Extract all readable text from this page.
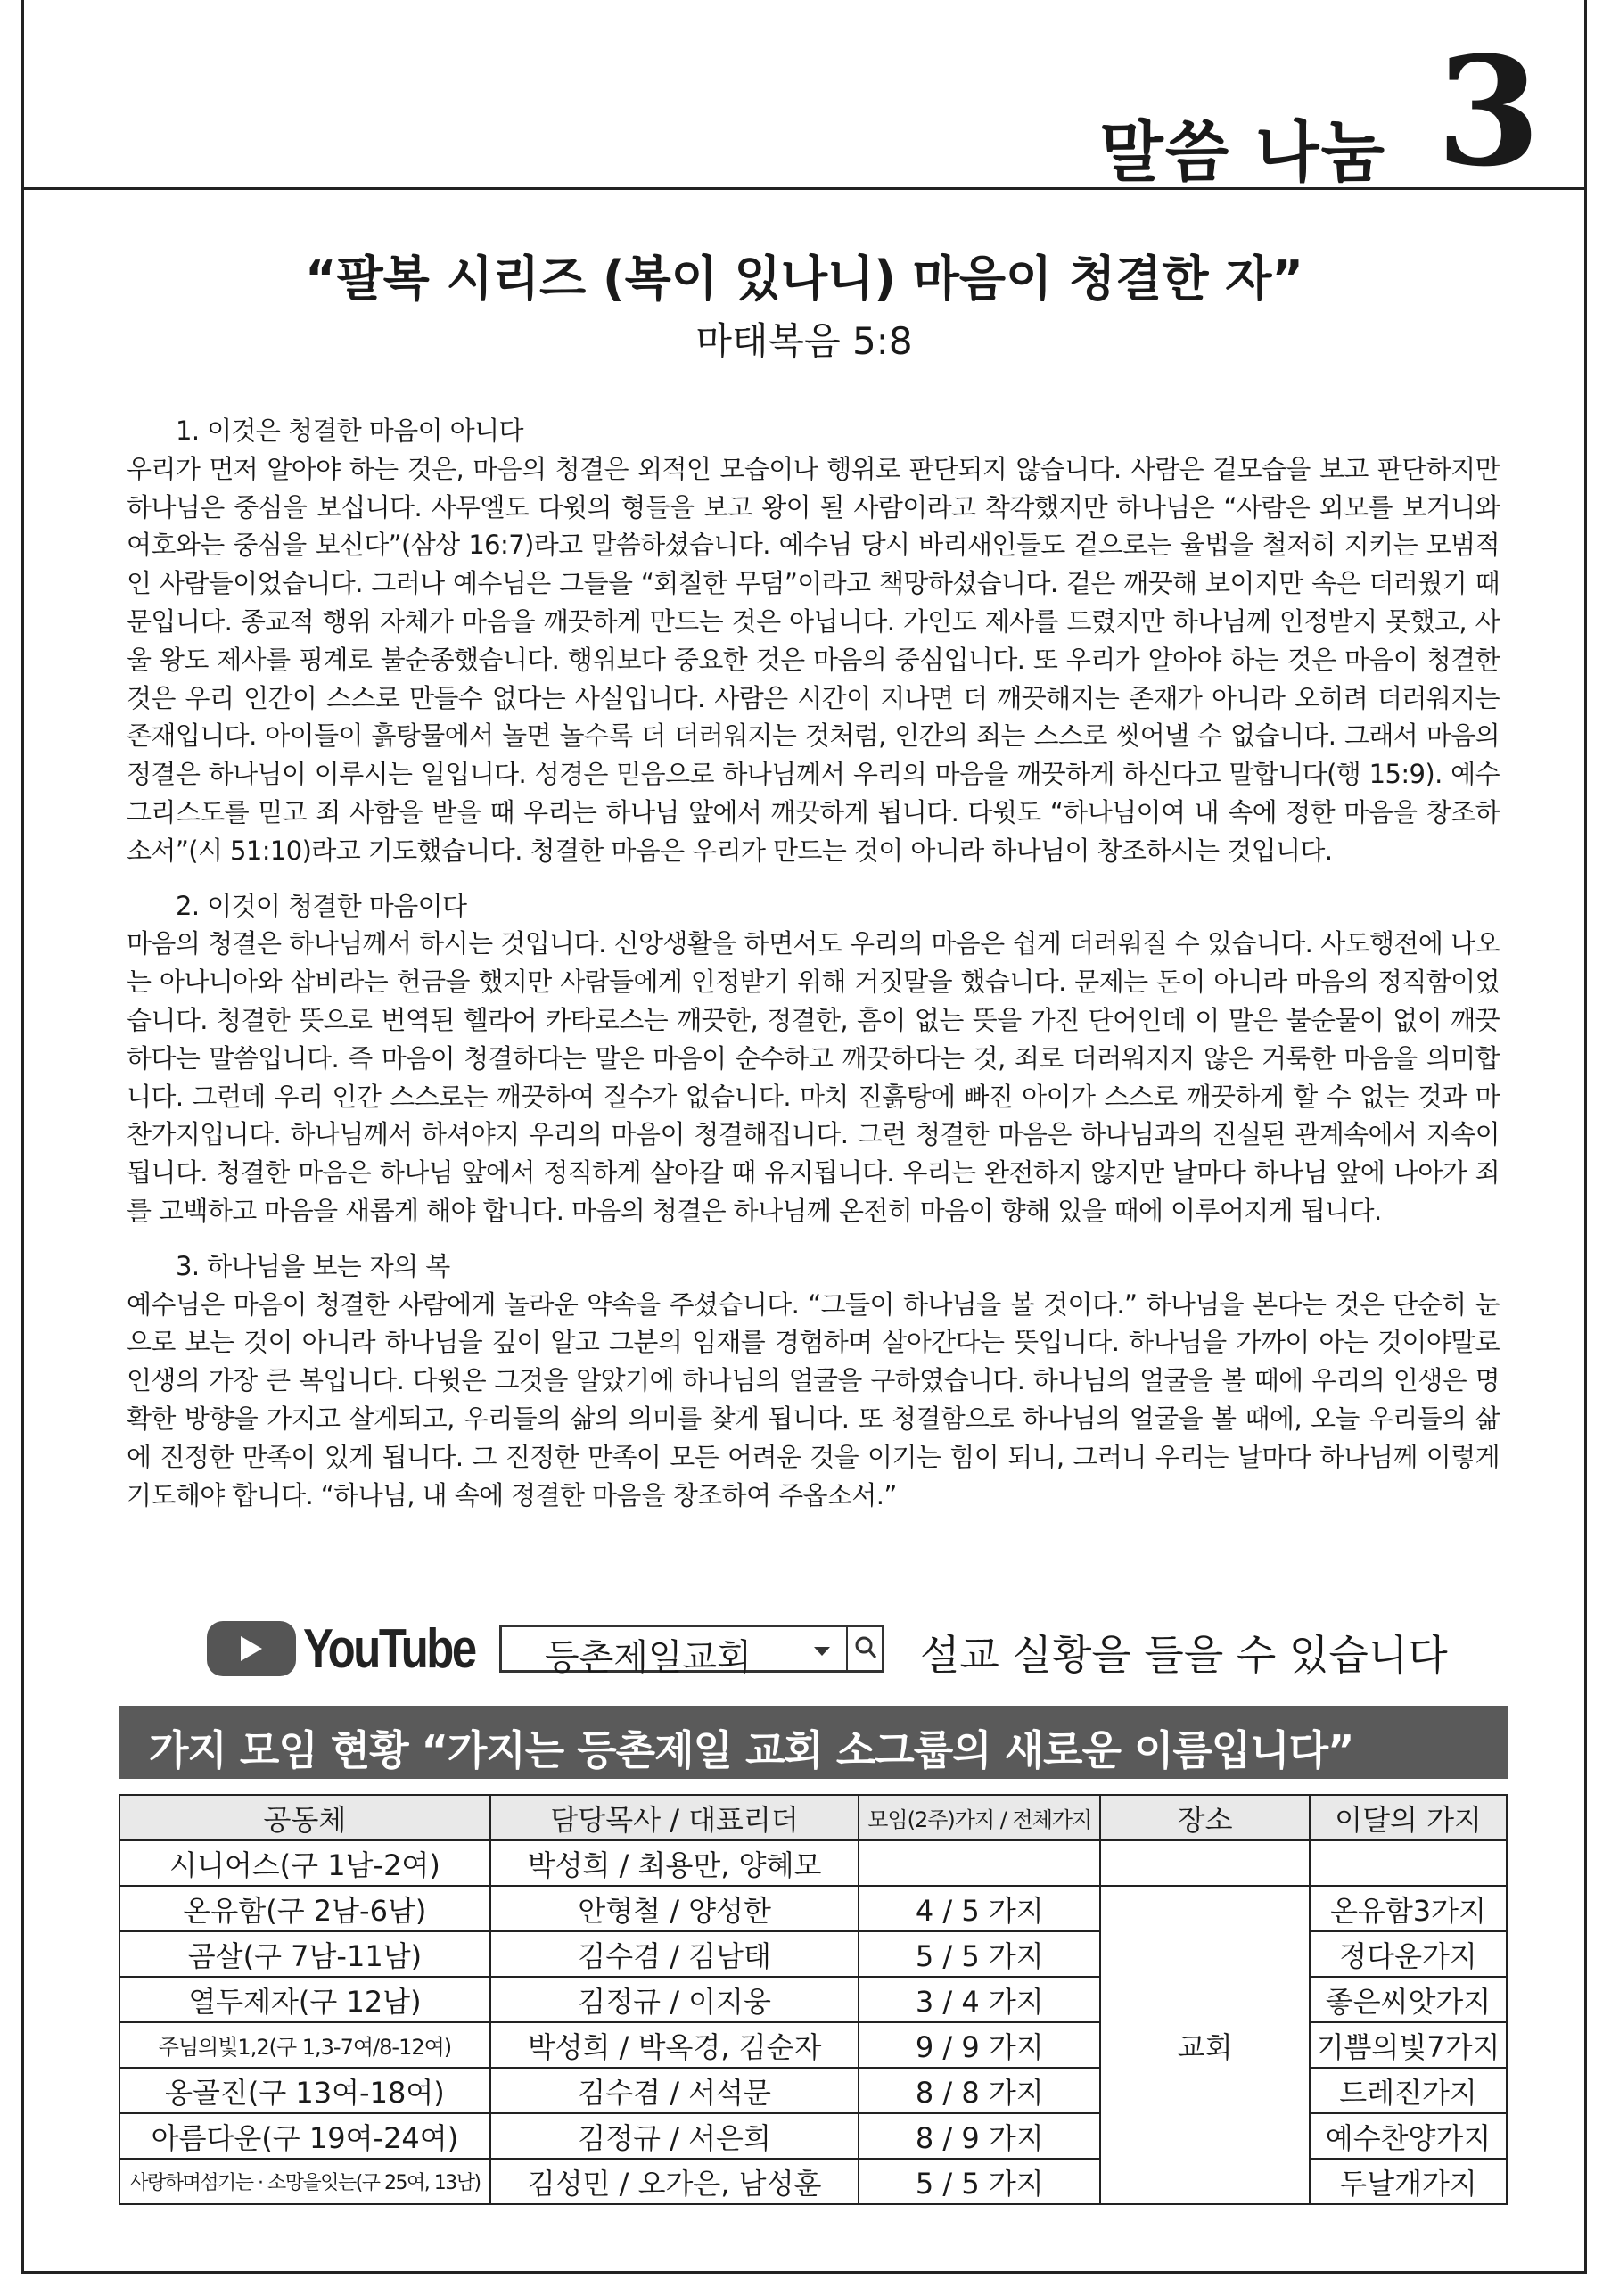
말씀 나눔 3
“팔복 시리즈 (복이 있나니) 마음이 청결한 자”
마태복음 5:8
1. 이것은 청결한 마음이 아니다

우리가 먼저 알아야 하는 것은, 마음의 청결은 외적인 모습이나 행위로 판단되지 않습니다. 사람은 겉모습을 보고 판단하지만 하나님은 중심을 보십니다. 사무엘도 다윗의 형들을 보고 왕이 될 사람이라고 착각했지만 하나님은 “사람은 외모를 보거니와 여호와는 중심을 보신다”(삼상 16:7)라고 말씀하셨습니다. 예수님 당시 바리새인들도 겉으로는 율법을 철저히 지키는 모범적인 사람들이었습니다. 그러나 예수님은 그들을 “회칠한 무덤”이라고 책망하셨습니다. 겉은 깨끗해 보이지만 속은 더러웠기 때문입니다. 종교적 행위 자체가 마음을 깨끗하게 만드는 것은 아닙니다. 가인도 제사를 드렸지만 하나님께 인정받지 못했고, 사울 왕도 제사를 핑계로 불순종했습니다. 행위보다 중요한 것은 마음의 중심입니다. 또 우리가 알아야 하는 것은 마음이 청결한 것은 우리 인간이 스스로 만들수 없다는 사실입니다. 사람은 시간이 지나면 더 깨끗해지는 존재가 아니라 오히려 더러워지는 존재입니다. 아이들이 흙탕물에서 놀면 놀수록 더 더러워지는 것처럼, 인간의 죄는 스스로 씻어낼 수 없습니다. 그래서 마음의 정결은 하나님이 이루시는 일입니다. 성경은 믿음으로 하나님께서 우리의 마음을 깨끗하게 하신다고 말합니다(행 15:9). 예수 그리스도를 믿고 죄 사함을 받을 때 우리는 하나님 앞에서 깨끗하게 됩니다. 다윗도 “하나님이여 내 속에 정한 마음을 창조하소서”(시 51:10)라고 기도했습니다. 청결한 마음은 우리가 만드는 것이 아니라 하나님이 창조하시는 것입니다.

2. 이것이 청결한 마음이다

마음의 청결은 하나님께서 하시는 것입니다. 신앙생활을 하면서도 우리의 마음은 쉽게 더러워질 수 있습니다. 사도행전에 나오는 아나니아와 삽비라는 헌금을 했지만 사람들에게 인정받기 위해 거짓말을 했습니다. 문제는 돈이 아니라 마음의 정직함이었습니다. 청결한 뜻으로 번역된 헬라어 카타로스는 깨끗한, 정결한, 흠이 없는 뜻을 가진 단어인데 이 말은 불순물이 없이 깨끗하다는 말씀입니다. 즉 마음이 청결하다는 말은 마음이 순수하고 깨끗하다는 것, 죄로 더러워지지 않은 거룩한 마음을 의미합니다. 그런데 우리 인간 스스로는 깨끗하여 질수가 없습니다. 마치 진흙탕에 빠진 아이가 스스로 깨끗하게 할 수 없는 것과 마찬가지입니다. 하나님께서 하셔야지 우리의 마음이 청결해집니다. 그런 청결한 마음은 하나님과의 진실된 관계속에서 지속이 됩니다. 청결한 마음은 하나님 앞에서 정직하게 살아갈 때 유지됩니다. 우리는 완전하지 않지만 날마다 하나님 앞에 나아가 죄를 고백하고 마음을 새롭게 해야 합니다. 마음의 청결은 하나님께 온전히 마음이 향해 있을 때에 이루어지게 됩니다.

3. 하나님을 보는 자의 복

예수님은 마음이 청결한 사람에게 놀라운 약속을 주셨습니다. “그들이 하나님을 볼 것이다.” 하나님을 본다는 것은 단순히 눈으로 보는 것이 아니라 하나님을 깊이 알고 그분의 임재를 경험하며 살아간다는 뜻입니다. 하나님을 가까이 아는 것이야말로 인생의 가장 큰 복입니다. 다윗은 그것을 알았기에 하나님의 얼굴을 구하였습니다. 하나님의 얼굴을 볼 때에 우리의 인생은 명확한 방향을 가지고 살게되고, 우리들의 삶의 의미를 찾게 됩니다. 또 청결함으로 하나님의 얼굴을 볼 때에, 오늘 우리들의 삶에 진정한 만족이 있게 됩니다. 그 진정한 만족이 모든 어려운 것을 이기는 힘이 되니, 그러니 우리는 날마다 하나님께 이렇게 기도해야 합니다. “하나님, 내 속에 정결한 마음을 창조하여 주옵소서.”

YouTube 등촌제일교회	설교 실황을 들을 수 있습니다
가지 모임 현황 “가지는 등촌제일 교회 소그룹의 새로운 이름입니다”
공동체	담당목사 / 대표리더	모임(2주)가지 / 전체가지	장소	이달의 가지
시니어스(구 1남-2여)	박성희 / 최용만, 양혜모			
온유함(구 2남-6남)	안형철 / 양성한	4 / 5 가지	교회	온유함3가지
곰살(구 7남-11남)	김수겸 / 김남태	5 / 5 가지		정다운가지
열두제자(구 12남)	김정규 / 이지웅	3 / 4 가지		좋은씨앗가지
주님의빛1,2(구 1,3-7여/8-12여)	박성희 / 박옥경, 김순자	9 / 9 가지		기쁨의빛7가지
옹골진(구 13여-18여)	김수겸 / 서석문	8 / 8 가지		드레진가지
아름다운(구 19여-24여)	김정규 / 서은희	8 / 9 가지		예수찬양가지
사랑하며섬기는 · 소망을잇는(구 25여, 13남)	김성민 / 오가은, 남성훈	5 / 5 가지		두날개가지
